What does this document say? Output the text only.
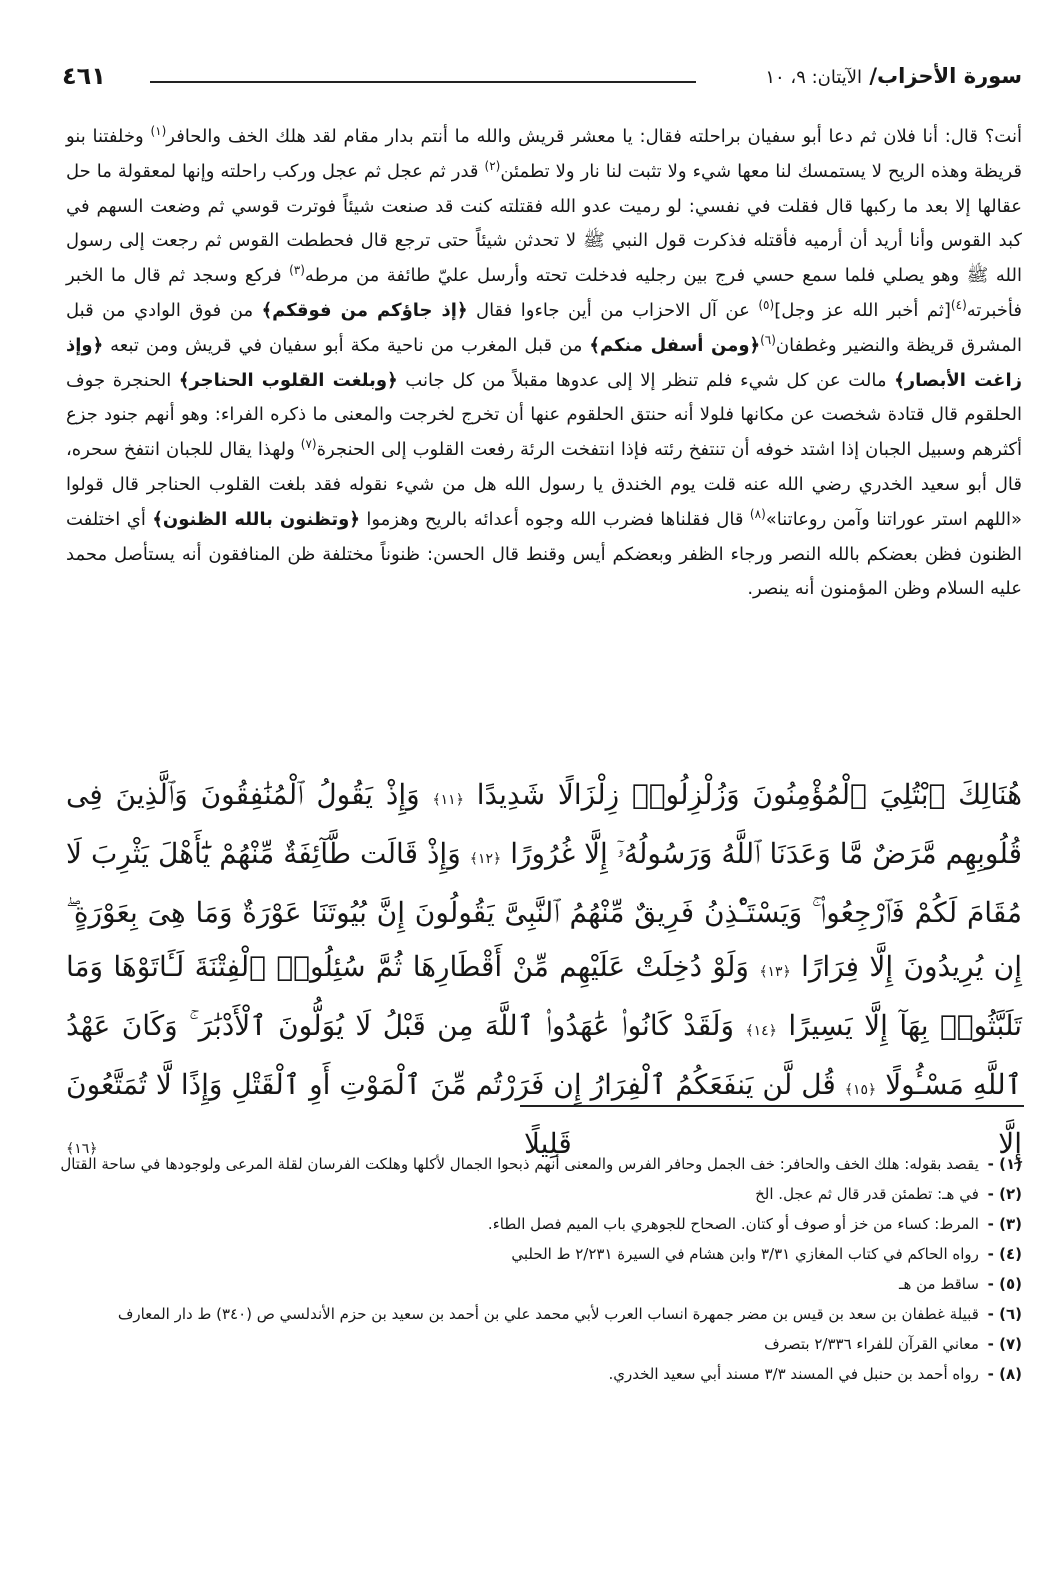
سورة الأحزاب/ الآيتان: ٩، ١٠
٤٦١
أنت؟ قال: أنا فلان ثم دعا أبو سفيان براحلته فقال: يا معشر قريش والله ما أنتم بدار مقام لقد هلك الخف والحافر$^{(١)}$ وخلفتنا بنو قريظة وهذه الريح لا يستمسك لنا معها شيء ولا تثبت لنا نار ولا تطمئن$^{(٢)}$ قدر ثم عجل ثم عجل وركب راحلته وإنها لمعقولة ما حل عقالها إلا بعد ما ركبها قال فقلت في نفسي: لو رميت عدو الله فقتلته كنت قد صنعت شيئاً فوترت قوسي ثم وضعت السهم في كبد القوس وأنا أريد أن أرميه فأقتله فذكرت قول النبي ﷺ لا تحدثن شيئاً حتى ترجع قال فحططت القوس ثم رجعت إلى رسول الله ﷺ وهو يصلي فلما سمع حسي فرج بين رجليه فدخلت تحته وأرسل عليّ طائفة من مرطه$^{(٣)}$ فركع وسجد ثم قال ما الخبر فأخبرته$^{(٤)}$[ثم أخبر الله عز وجل]$^{(٥)}$ عن آل الاحزاب من أين جاءوا فقال ﴿إذ جاؤكم من فوقكم﴾ من فوق الوادي من قبل المشرق قريظة والنضير وغطفان$^{(٦)}$﴿ومن أسفل منكم﴾ من قبل المغرب من ناحية مكة أبو سفيان في قريش ومن تبعه ﴿وإذ زاغت الأبصار﴾ مالت عن كل شيء فلم تنظر إلا إلى عدوها مقبلاً من كل جانب ﴿وبلغت القلوب الحناجر﴾ الحنجرة جوف الحلقوم قال قتادة شخصت عن مكانها فلولا أنه حنتق الحلقوم عنها أن تخرج لخرجت والمعنى ما ذكره الفراء: وهو أنهم جنود جزع أكثرهم وسبيل الجبان إذا اشتد خوفه أن تنتفخ رئته فإذا انتفخت الرئة رفعت القلوب إلى الحنجرة$^{(٧)}$ ولهذا يقال للجبان انتفخ سحره، قال أبو سعيد الخدري رضي الله عنه قلت يوم الخندق يا رسول الله هل من شيء نقوله فقد بلغت القلوب الحناجر قال قولوا «اللهم استر عوراتنا وآمن روعاتنا»$^{(٨)}$ قال فقلناها فضرب الله وجوه أعدائه بالريح وهزموا ﴿وتظنون بالله الظنون﴾ أي اختلفت الظنون فظن بعضكم بالله النصر ورجاء الظفر وبعضكم أيس وقنط قال الحسن: ظنوناً مختلفة ظن المنافقون أنه يستأصل محمد عليه السلام وظن المؤمنون أنه ينصر.
هُنَالِكَ ٱبْتُلِيَ ٱلْمُؤْمِنُونَ وَزُلْزِلُوا۟ زِلْزَالًا شَدِيدًا ﴿١١﴾ وَإِذْ يَقُولُ ٱلْمُنَٰفِقُونَ وَٱلَّذِينَ فِى قُلُوبِهِم مَّرَضٌ مَّا وَعَدَنَا ٱللَّهُ وَرَسُولُهُۥٓ إِلَّا غُرُورًا ﴿١٢﴾ وَإِذْ قَالَت طَّآئِفَةٌ مِّنْهُمْ يَٰٓأَهْلَ يَثْرِبَ لَا مُقَامَ لَكُمْ فَٱرْجِعُوا۟ ۚ وَيَسْتَـْٔذِنُ فَرِيقٌ مِّنْهُمُ ٱلنَّبِىَّ يَقُولُونَ إِنَّ بُيُوتَنَا عَوْرَةٌ وَمَا هِىَ بِعَوْرَةٍ ۖ إِن يُرِيدُونَ إِلَّا فِرَارًا ﴿١٣﴾ وَلَوْ دُخِلَتْ عَلَيْهِم مِّنْ أَقْطَارِهَا ثُمَّ سُئِلُوا۟ ٱلْفِتْنَةَ لَـَٔاتَوْهَا وَمَا تَلَبَّثُوا۟ بِهَآ إِلَّا يَسِيرًا ﴿١٤﴾ وَلَقَدْ كَانُوا۟ عَٰهَدُوا۟ ٱللَّهَ مِن قَبْلُ لَا يُوَلُّونَ ٱلْأَدْبَٰرَ ۚ وَكَانَ عَهْدُ ٱللَّهِ مَسْـُٔولًا ﴿١٥﴾ قُل لَّن يَنفَعَكُمُ ٱلْفِرَارُ إِن فَرَرْتُم مِّنَ ٱلْمَوْتِ أَوِ ٱلْقَتْلِ وَإِذًا لَّا تُمَتَّعُونَ إِلَّا قَلِيلًا ﴿١٦﴾
(١) - يقصد بقوله: هلك الخف والحافر: خف الجمل وحافر الفرس والمعنى أنهم ذبحوا الجمال لأكلها وهلكت الفرسان لقلة المرعى ولوجودها في ساحة القتال
(٢) - في هـ: تطمئن قدر قال ثم عجل. الخ
(٣) - المرط: كساء من خز أو صوف أو كتان. الصحاح للجوهري باب الميم فصل الطاء.
(٤) - رواه الحاكم في كتاب المغازي ٣/٣١ وابن هشام في السيرة ٢/٢٣١ ط الحلبي
(٥) - ساقط من هـ
(٦) - قبيلة غطفان بن سعد بن قيس بن مضر جمهرة انساب العرب لأبي محمد علي بن أحمد بن سعيد بن حزم الأندلسي ص (٣٤٠) ط دار المعارف
(٧) - معاني القرآن للفراء ٢/٣٣٦ بتصرف
(٨) - رواه أحمد بن حنبل في المسند ٣/٣ مسند أبي سعيد الخدري.
